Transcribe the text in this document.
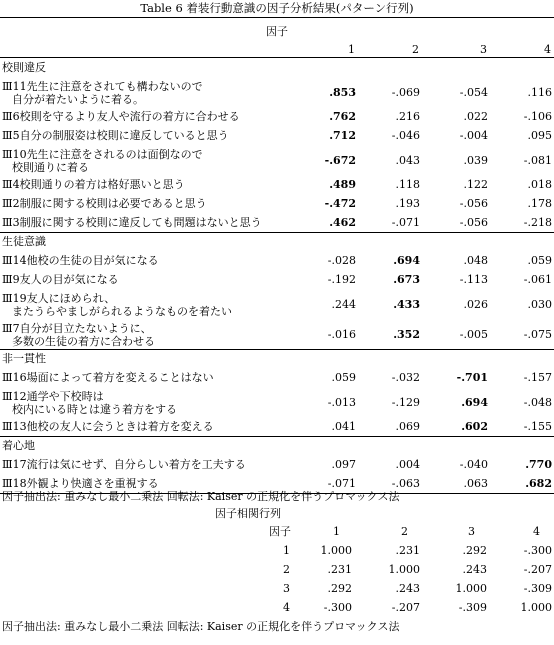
Table 6 着装行動意識の因子分析結果(パターン行列)
因子
1	2	3	4
校則違反
Ⅲ11先生に注意をされても構わないので
自分が着たいように着る。
.853	-.069	-.054	.116
Ⅲ6校則を守るより友人や流行の着方に合わせる	.762	.216	.022	-.106
Ⅲ5自分の制服姿は校則に違反していると思う	.712	-.046	-.004	.095
Ⅲ10先生に注意をされるのは面倒なので
校則通りに着る
-.672	.043	.039	-.081
Ⅲ4校則通りの着方は格好悪いと思う	.489	.118	.122	.018
Ⅲ2制服に関する校則は必要であると思う	-.472	.193	-.056	.178
Ⅲ3制服に関する校則に違反しても問題はないと思う	.462	-.071	-.056	-.218
生徒意識
Ⅲ14他校の生徒の目が気になる	-.028	.694	.048	.059
Ⅲ9友人の目が気になる	-.192	.673	-.113	-.061
Ⅲ19友人にほめられ、
またうらやましがられるようなものを着たい
.244	.433	.026	.030
Ⅲ7自分が目立たないように、
多数の生徒の着方に合わせる
-.016	.352	-.005	-.075
非一貫性
Ⅲ16場面によって着方を変えることはない	.059	-.032	-.701	-.157
Ⅲ12通学や下校時は
校内にいる時とは違う着方をする
-.013	-.129	.694	-.048
Ⅲ13他校の友人に会うときは着方を変える	.041	.069	.602	-.155
着心地
Ⅲ17流行は気にせず、自分らしい着方を工夫する	.097	.004	-.040	.770
Ⅲ18外観より快適さを重視する	-.071	-.063	.063	.682
因子抽出法: 重みなし最小二乗法 回転法: Kaiser の正規化を伴うプロマックス法
因子相関行列
因子	1	2	3	4
1	1.000	.231	.292	-.300
2	.231	1.000	.243	-.207
3	.292	.243	1.000	-.309
4	-.300	-.207	-.309	1.000
因子抽出法: 重みなし最小二乗法 回転法: Kaiser の正規化を伴うプロマックス法
